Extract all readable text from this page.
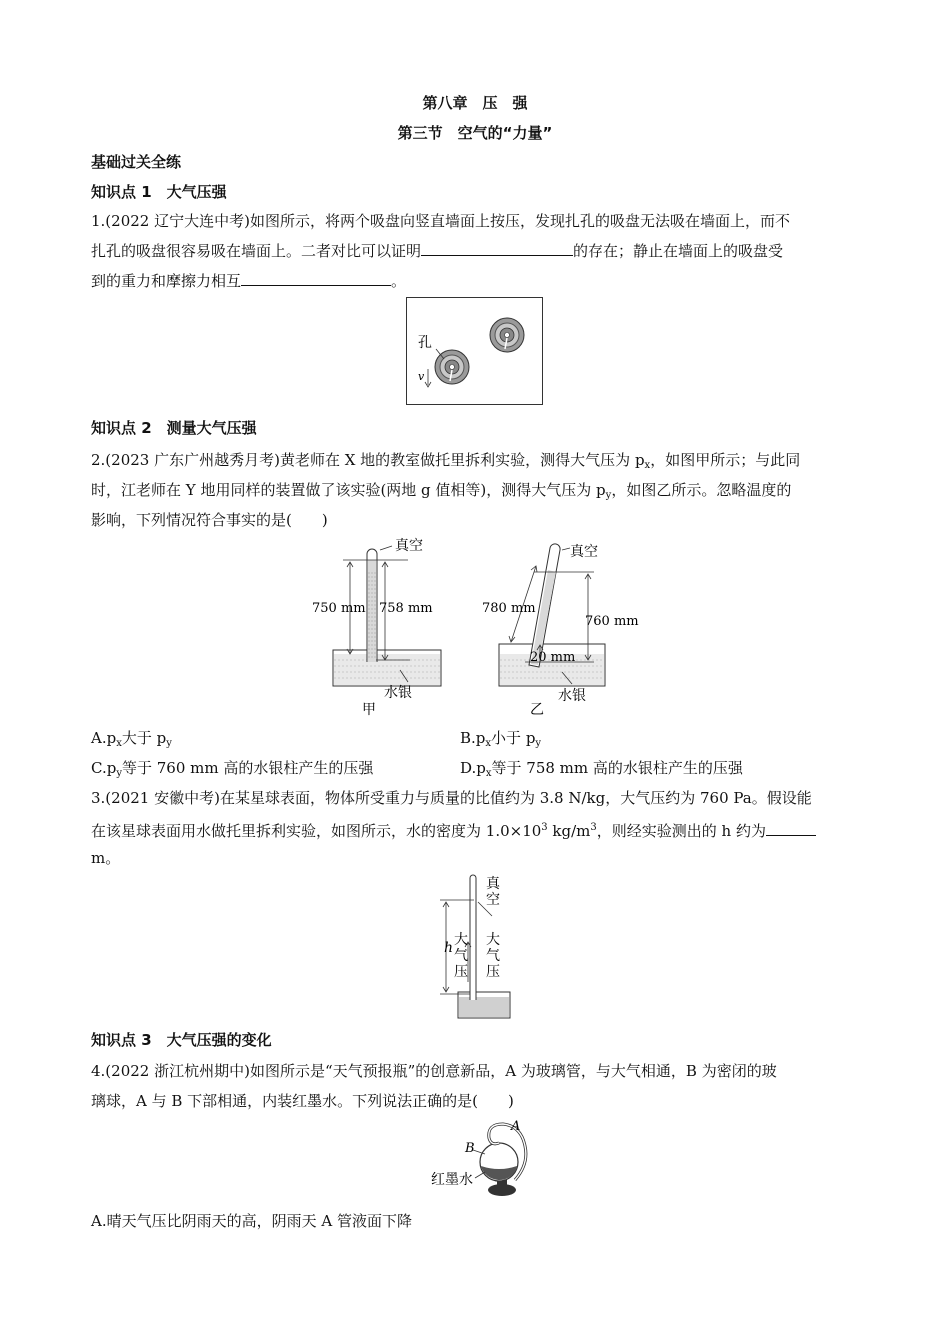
第八章　压　强
第三节　空气的“力量”
基础过关全练
知识点 1　大气压强
1.(2022 辽宁大连中考)如图所示，将两个吸盘向竖直墙面上按压，发现扎孔的吸盘无法吸在墙面上，而不
扎孔的吸盘很容易吸在墙面上。二者对比可以证明	的存在；静止在墙面上的吸盘受
到的重力和摩擦力相互	。
孔
v
知识点 2　测量大气压强
2.(2023 广东广州越秀月考)黄老师在 X 地的教室做托里拆利实验，测得大气压为 $p_x$，如图甲所示；与此同
时，江老师在 Y 地用同样的装置做了该实验(两地 g 值相等)，测得大气压为 $p_y$，如图乙所示。忽略温度的
影响，下列情况符合事实的是(　　)
真空
750 mm 758 mm
水银
甲
真空
780 mm
760 mm
20 mm
水银
乙
$A.p_x$大于 $p_y$	$B.p_x$小于 $p_y$
$C.p_y$等于 760 mm 高的水银柱产生的压强	$D.p_x$等于 758 mm 高的水银柱产生的压强
3.(2021 安徽中考)在某星球表面，物体所受重力与质量的比值约为 3.8 N/kg，大气压约为 760 Pa。假设能
在该星球表面用水做托里拆利实验，如图所示，水的密度为 $1.0\times 10^3$ $kg/m^3$，则经实验测出的 h 约为
m。
真
空
h 大
气
压
大
气
压
知识点 3　大气压强的变化
4.(2022 浙江杭州期中)如图所示是“天气预报瓶”的创意新品，A 为玻璃管，与大气相通，B 为密闭的玻
璃球，A 与 B 下部相通，内装红墨水。下列说法正确的是(　　)
A
B
红墨水
A.晴天气压比阴雨天的高，阴雨天 A 管液面下降
